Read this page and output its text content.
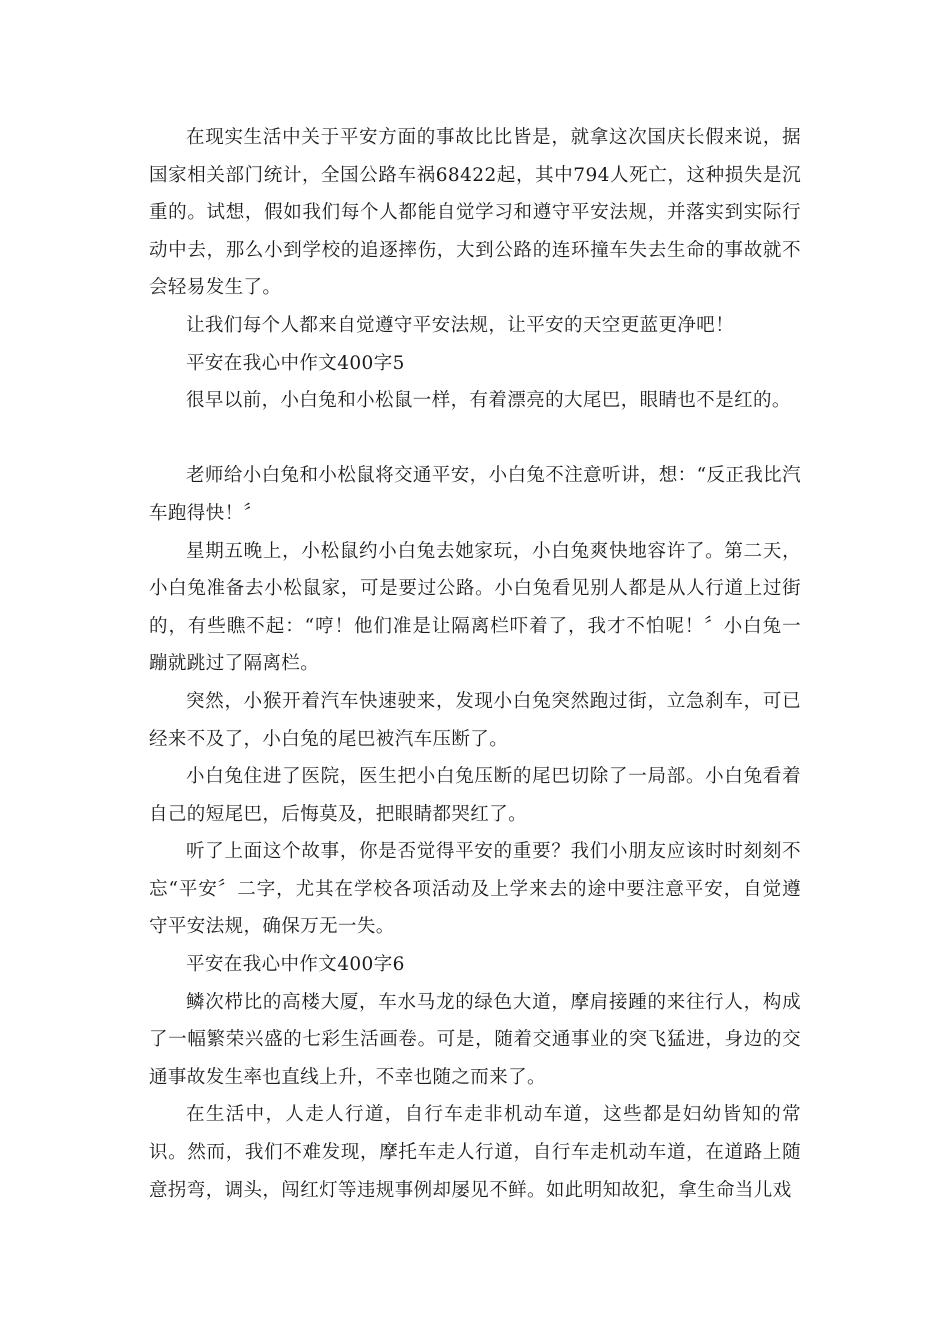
在现实生活中关于平安方面的事故比比皆是，就拿这次国庆长假来说，据国家相关部门统计，全国公路车祸68422起，其中794人死亡，这种损失是沉重的。试想，假如我们每个人都能自觉学习和遵守平安法规，并落实到实际行动中去，那么小到学校的追逐摔伤，大到公路的连环撞车失去生命的事故就不会轻易发生了。

让我们每个人都来自觉遵守平安法规，让平安的天空更蓝更净吧！

平安在我心中作文400字5

很早以前，小白兔和小松鼠一样，有着漂亮的大尾巴，眼睛也不是红的。

老师给小白兔和小松鼠将交通平安，小白兔不注意听讲，想：“反正我比汽车跑得快！〞

星期五晚上，小松鼠约小白兔去她家玩，小白兔爽快地容许了。第二天，小白兔准备去小松鼠家，可是要过公路。小白兔看见别人都是从人行道上过街的，有些瞧不起：“哼！他们准是让隔离栏吓着了，我才不怕呢！〞小白兔一蹦就跳过了隔离栏。

突然，小猴开着汽车快速驶来，发现小白兔突然跑过街，立急刹车，可已经来不及了，小白兔的尾巴被汽车压断了。

小白兔住进了医院，医生把小白兔压断的尾巴切除了一局部。小白兔看着自己的短尾巴，后悔莫及，把眼睛都哭红了。

听了上面这个故事，你是否觉得平安的重要？我们小朋友应该时时刻刻不忘“平安〞二字，尤其在学校各项活动及上学来去的途中要注意平安，自觉遵守平安法规，确保万无一失。

平安在我心中作文400字6

鳞次栉比的高楼大厦，车水马龙的绿色大道，摩肩接踵的来往行人，构成了一幅繁荣兴盛的七彩生活画卷。可是，随着交通事业的突飞猛进，身边的交通事故发生率也直线上升，不幸也随之而来了。

在生活中，人走人行道，自行车走非机动车道，这些都是妇幼皆知的常识。然而，我们不难发现，摩托车走人行道，自行车走机动车道，在道路上随意拐弯，调头，闯红灯等违规事例却屡见不鲜。如此明知故犯，拿生命当儿戏
